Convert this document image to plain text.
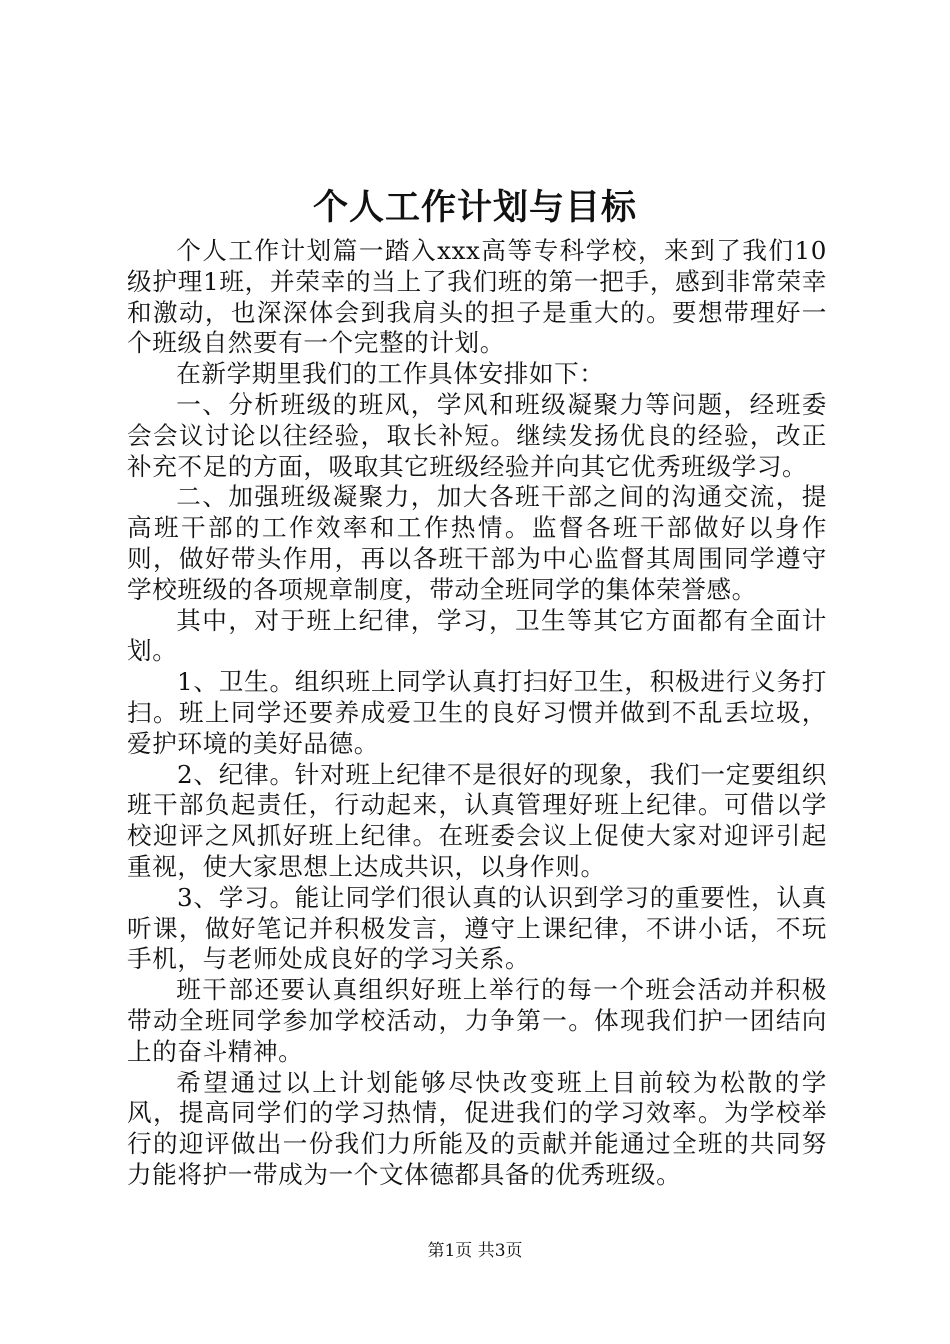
个人工作计划与目标

个人工作计划篇一踏入xxx高等专科学校，来到了我们10级护理1班，并荣幸的当上了我们班的第一把手，感到非常荣幸和激动，也深深体会到我肩头的担子是重大的。要想带理好一个班级自然要有一个完整的计划。

在新学期里我们的工作具体安排如下：

一、分析班级的班风，学风和班级凝聚力等问题，经班委会会议讨论以往经验，取长补短。继续发扬优良的经验，改正补充不足的方面，吸取其它班级经验并向其它优秀班级学习。

二、加强班级凝聚力，加大各班干部之间的沟通交流，提高班干部的工作效率和工作热情。监督各班干部做好以身作则，做好带头作用，再以各班干部为中心监督其周围同学遵守学校班级的各项规章制度，带动全班同学的集体荣誉感。

其中，对于班上纪律，学习，卫生等其它方面都有全面计划。

1、卫生。组织班上同学认真打扫好卫生，积极进行义务打扫。班上同学还要养成爱卫生的良好习惯并做到不乱丢垃圾，爱护环境的美好品德。

2、纪律。针对班上纪律不是很好的现象，我们一定要组织班干部负起责任，行动起来，认真管理好班上纪律。可借以学校迎评之风抓好班上纪律。在班委会议上促使大家对迎评引起重视，使大家思想上达成共识，以身作则。

3、学习。能让同学们很认真的认识到学习的重要性，认真听课，做好笔记并积极发言，遵守上课纪律，不讲小话，不玩手机，与老师处成良好的学习关系。

班干部还要认真组织好班上举行的每一个班会活动并积极带动全班同学参加学校活动，力争第一。体现我们护一团结向上的奋斗精神。

希望通过以上计划能够尽快改变班上目前较为松散的学风，提高同学们的学习热情，促进我们的学习效率。为学校举行的迎评做出一份我们力所能及的贡献并能通过全班的共同努力能将护一带成为一个文体德都具备的优秀班级。

第1页 共3页
